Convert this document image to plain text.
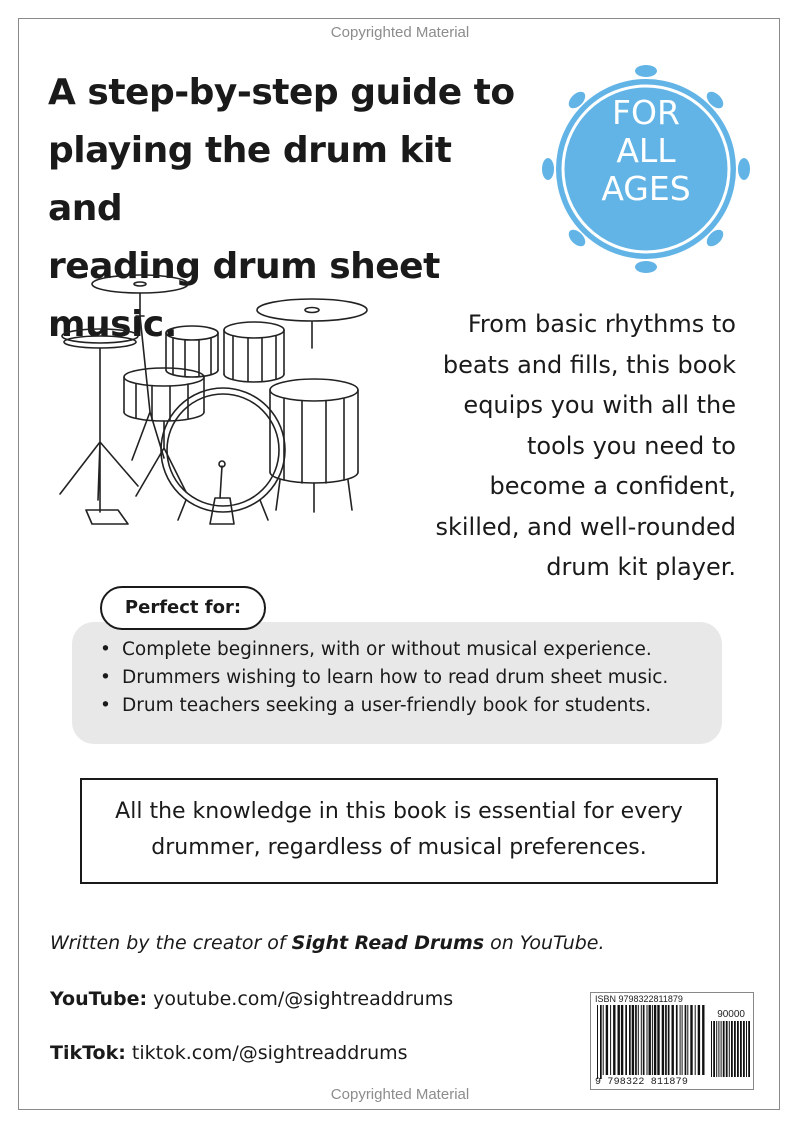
Copyrighted Material
A step-by-step guide to
playing the drum kit and
reading drum sheet music.
FOR
ALL
AGES
From basic rhythms to
beats and fills, this book
equips you with all the
tools you need to
become a confident,
skilled, and well-rounded
drum kit player.
Perfect for:
• Complete beginners, with or without musical experience.
• Drummers wishing to learn how to read drum sheet music.
• Drum teachers seeking a user-friendly book for students.
All the knowledge in this book is essential for every
drummer, regardless of musical preferences.
Written by the creator of Sight Read Drums on YouTube.
YouTube: youtube.com/@sightreaddrums
TikTok: tiktok.com/@sightreaddrums
ISBN 9798322811879
90000
9 798322 811879
Copyrighted Material
